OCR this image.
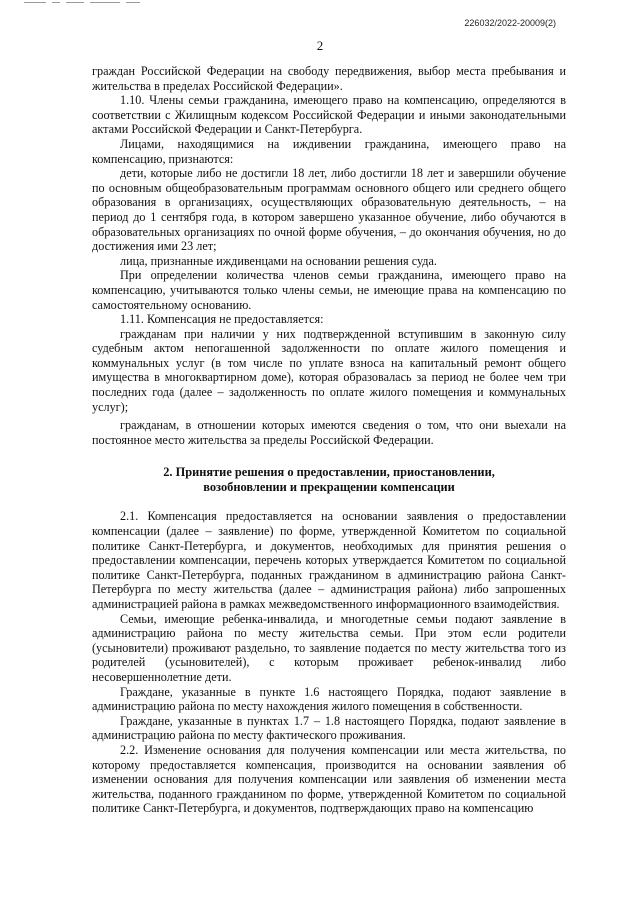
226032/2022-20009(2)
2

граждан Российской Федерации на свободу передвижения, выбор места пребывания и жительства в пределах Российской Федерации».

1.10. Члены семьи гражданина, имеющего право на компенсацию, определяются в соответствии с Жилищным кодексом Российской Федерации и иными законодательными актами Российской Федерации и Санкт-Петербурга.

Лицами, находящимися на иждивении гражданина, имеющего право на компенсацию, признаются:

дети, которые либо не достигли 18 лет, либо достигли 18 лет и завершили обучение по основным общеобразовательным программам основного общего или среднего общего образования в организациях, осуществляющих образовательную деятельность, – на период до 1 сентября года, в котором завершено указанное обучение, либо обучаются в образовательных организациях по очной форме обучения, – до окончания обучения, но до достижения ими 23 лет;

лица, признанные иждивенцами на основании решения суда.

При определении количества членов семьи гражданина, имеющего право на компенсацию, учитываются только члены семьи, не имеющие права на компенсацию по самостоятельному основанию.

1.11. Компенсация не предоставляется:

гражданам при наличии у них подтвержденной вступившим в законную силу судебным актом непогашенной задолженности по оплате жилого помещения и коммунальных услуг (в том числе по уплате взноса на капитальный ремонт общего имущества в многоквартирном доме), которая образовалась за период не более чем три последних года (далее – задолженность по оплате жилого помещения и коммунальных услуг);

гражданам, в отношении которых имеются сведения о том, что они выехали на постоянное место жительства за пределы Российской Федерации.

2. Принятие решения о предоставлении, приостановлении,
возобновлении и прекращении компенсации

2.1. Компенсация предоставляется на основании заявления о предоставлении компенсации (далее – заявление) по форме, утвержденной Комитетом по социальной политике Санкт-Петербурга, и документов, необходимых для принятия решения о предоставлении компенсации, перечень которых утверждается Комитетом по социальной политике Санкт-Петербурга, поданных гражданином в администрацию района Санкт-Петербурга по месту жительства (далее – администрация района) либо запрошенных администрацией района в рамках межведомственного информационного взаимодействия.

Семьи, имеющие ребенка-инвалида, и многодетные семьи подают заявление в администрацию района по месту жительства семьи. При этом если родители (усыновители) проживают раздельно, то заявление подается по месту жительства того из родителей (усыновителей), с которым проживает ребенок-инвалид либо несовершеннолетние дети.

Граждане, указанные в пункте 1.6 настоящего Порядка, подают заявление в администрацию района по месту нахождения жилого помещения в собственности.

Граждане, указанные в пунктах 1.7 – 1.8 настоящего Порядка, подают заявление в администрацию района по месту фактического проживания.

2.2. Изменение основания для получения компенсации или места жительства, по которому предоставляется компенсация, производится на основании заявления об изменении основания для получения компенсации или заявления об изменении места жительства, поданного гражданином по форме, утвержденной Комитетом по социальной политике Санкт-Петербурга, и документов, подтверждающих право на компенсацию
